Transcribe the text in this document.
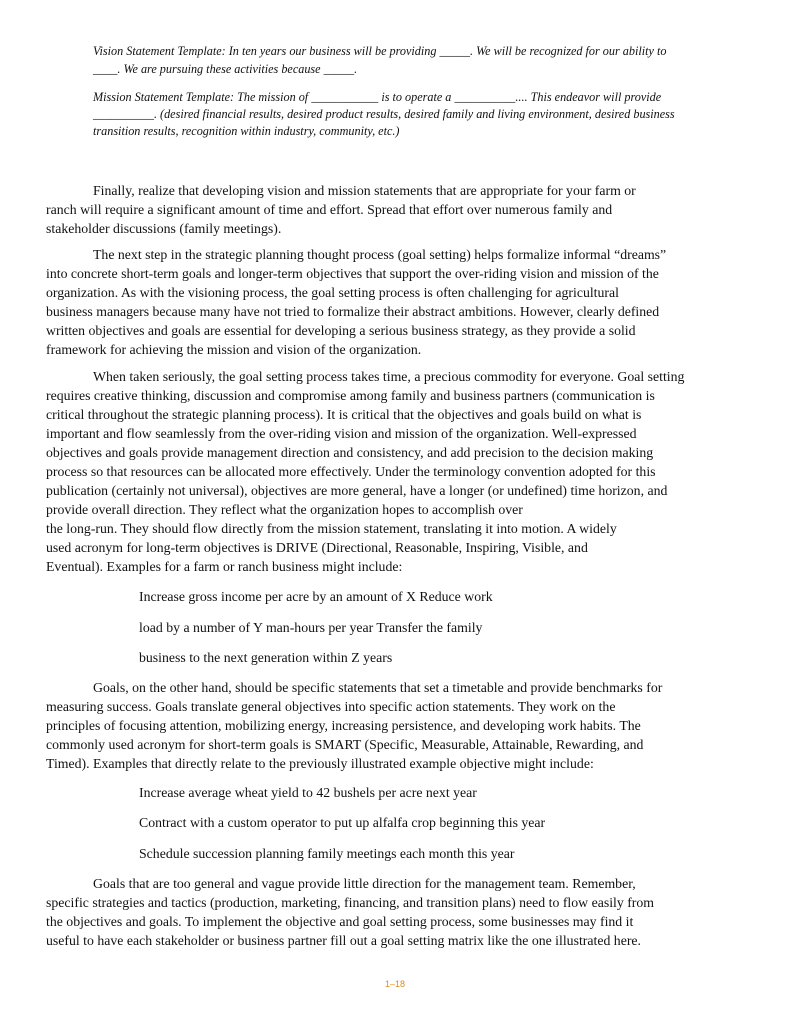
Vision Statement Template: In ten years our business will be providing _____. We will be recognized for our ability to
____. We are pursuing these activities because _____.
Mission Statement Template: The mission of ___________ is to operate a __________.... This endeavor will provide
__________. (desired financial results, desired product results, desired family and living environment, desired business
transition results, recognition within industry, community, etc.)
Finally, realize that developing vision and mission statements that are appropriate for your farm or
ranch will require a significant amount of time and effort. Spread that effort over numerous family and
stakeholder discussions (family meetings).
The next step in the strategic planning thought process (goal setting) helps formalize informal “dreams”
into concrete short-term goals and longer-term objectives that support the over-riding vision and mission of the
organization. As with the visioning process, the goal setting process is often challenging for agricultural
business managers because many have not tried to formalize their abstract ambitions. However, clearly defined
written objectives and goals are essential for developing a serious business strategy, as they provide a solid
framework for achieving the mission and vision of the organization.
When taken seriously, the goal setting process takes time, a precious commodity for everyone. Goal setting
requires creative thinking, discussion and compromise among family and business partners (communication is
critical throughout the strategic planning process). It is critical that the objectives and goals build on what is
important and flow seamlessly from the over-riding vision and mission of the organization. Well-expressed
objectives and goals provide management direction and consistency, and add precision to the decision making
process so that resources can be allocated more effectively. Under the terminology convention adopted for this
publication (certainly not universal), objectives are more general, have a longer (or undefined) time horizon, and
provide overall direction. They reflect what the organization hopes to accomplish over
the long-run. They should flow directly from the mission statement, translating it into motion. A widely
used acronym for long-term objectives is DRIVE (Directional, Reasonable, Inspiring, Visible, and
Eventual). Examples for a farm or ranch business might include:
Increase gross income per acre by an amount of X Reduce work
load by a number of Y man-hours per year Transfer the family
business to the next generation within Z years
Goals, on the other hand, should be specific statements that set a timetable and provide benchmarks for
measuring success. Goals translate general objectives into specific action statements. They work on the
principles of focusing attention, mobilizing energy, increasing persistence, and developing work habits. The
commonly used acronym for short-term goals is SMART (Specific, Measurable, Attainable, Rewarding, and
Timed). Examples that directly relate to the previously illustrated example objective might include:
Increase average wheat yield to 42 bushels per acre next year
Contract with a custom operator to put up alfalfa crop beginning this year
Schedule succession planning family meetings each month this year
Goals that are too general and vague provide little direction for the management team. Remember,
specific strategies and tactics (production, marketing, financing, and transition plans) need to flow easily from
the objectives and goals. To implement the objective and goal setting process, some businesses may find it
useful to have each stakeholder or business partner fill out a goal setting matrix like the one illustrated here.
1–18
